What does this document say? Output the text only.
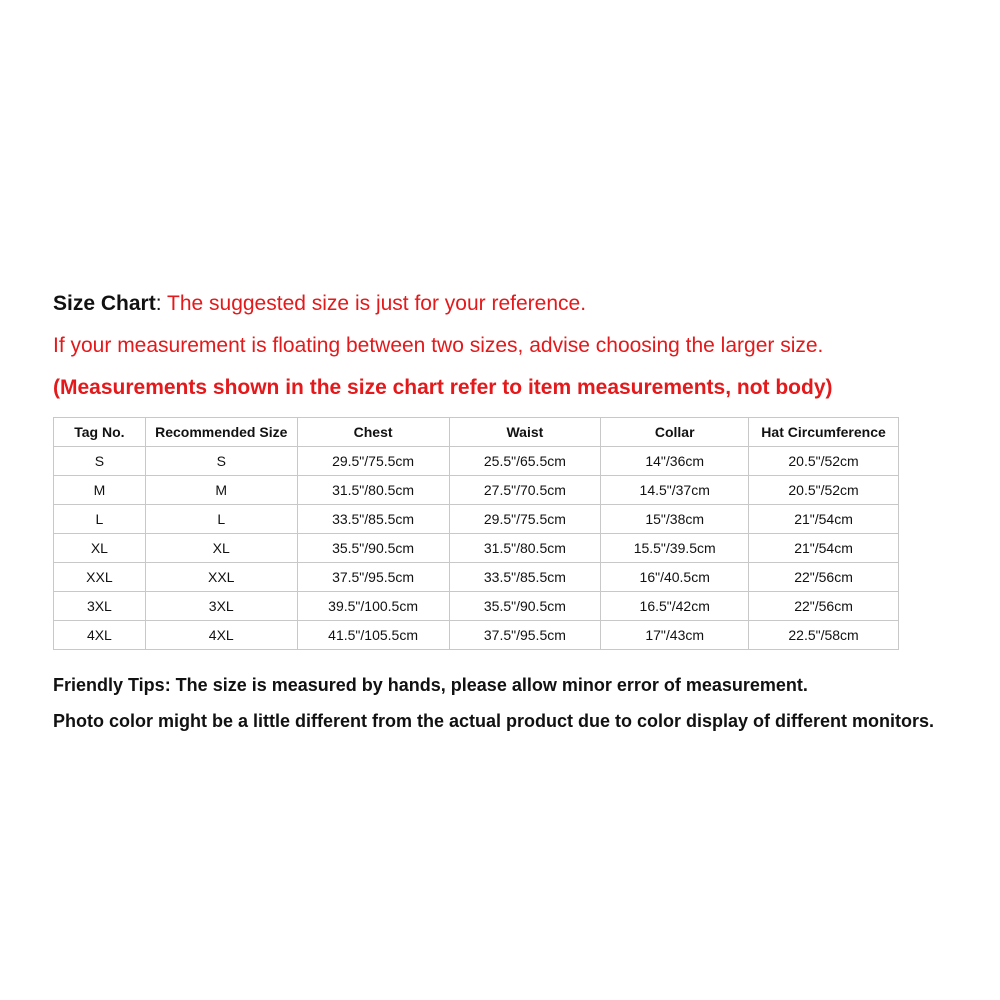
Size Chart: The suggested size is just for your reference.
If your measurement is floating between two sizes, advise choosing the larger size.
(Measurements shown in the size chart refer to item measurements, not body)
Tag No.	Recommended Size	Chest	Waist	Collar	Hat Circumference
S	S	29.5"/75.5cm	25.5"/65.5cm	14"/36cm	20.5"/52cm
M	M	31.5"/80.5cm	27.5"/70.5cm	14.5"/37cm	20.5"/52cm
L	L	33.5"/85.5cm	29.5"/75.5cm	15"/38cm	21"/54cm
XL	XL	35.5"/90.5cm	31.5"/80.5cm	15.5"/39.5cm	21"/54cm
XXL	XXL	37.5"/95.5cm	33.5"/85.5cm	16"/40.5cm	22"/56cm
3XL	3XL	39.5"/100.5cm	35.5"/90.5cm	16.5"/42cm	22"/56cm
4XL	4XL	41.5"/105.5cm	37.5"/95.5cm	17"/43cm	22.5"/58cm
Friendly Tips: The size is measured by hands, please allow minor error of measurement.
Photo color might be a little different from the actual product due to color display of different monitors.
